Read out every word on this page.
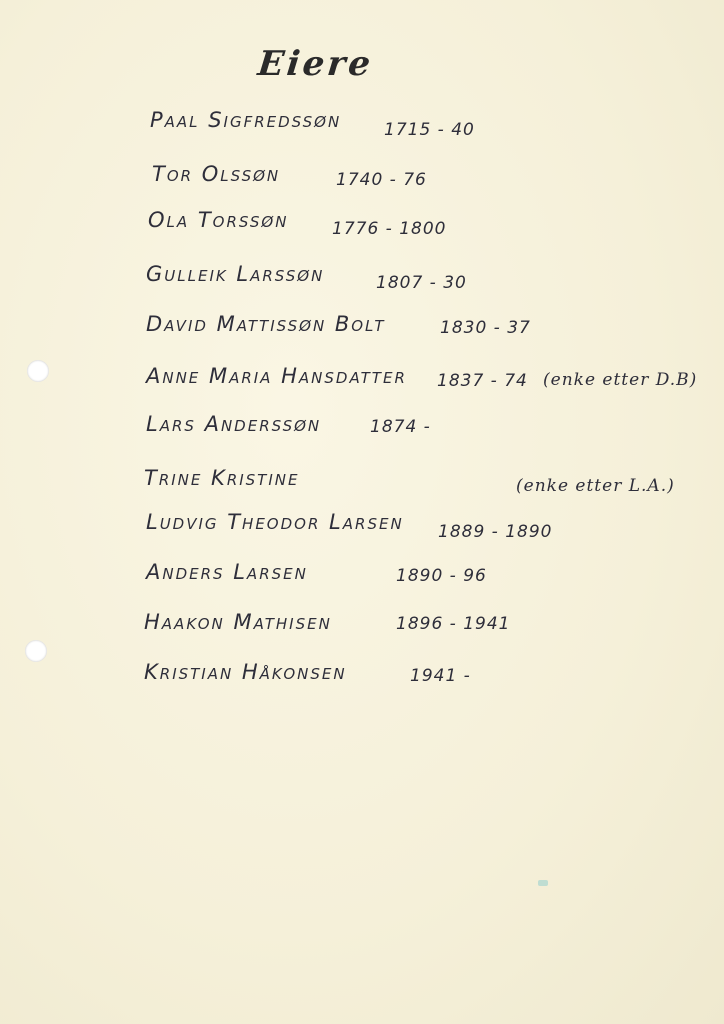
Eiere
Paal Sigfredssøn	1715 - 40
Tor Olssøn	1740 - 76
Ola Torssøn	1776 - 1800
Gulleik Larssøn	1807 - 30
David Mattissøn Bolt	1830 - 37
Anne Maria Hansdatter 1837 - 74 (enke etter D.B)
Lars Anderssøn	1874 -
Trine Kristine	(enke etter L.A.)
Ludvig Theodor Larsen 1889 - 1890
Anders Larsen	1890 - 96
Haakon Mathisen	1896 - 1941
Kristian Håkonsen	1941 -
